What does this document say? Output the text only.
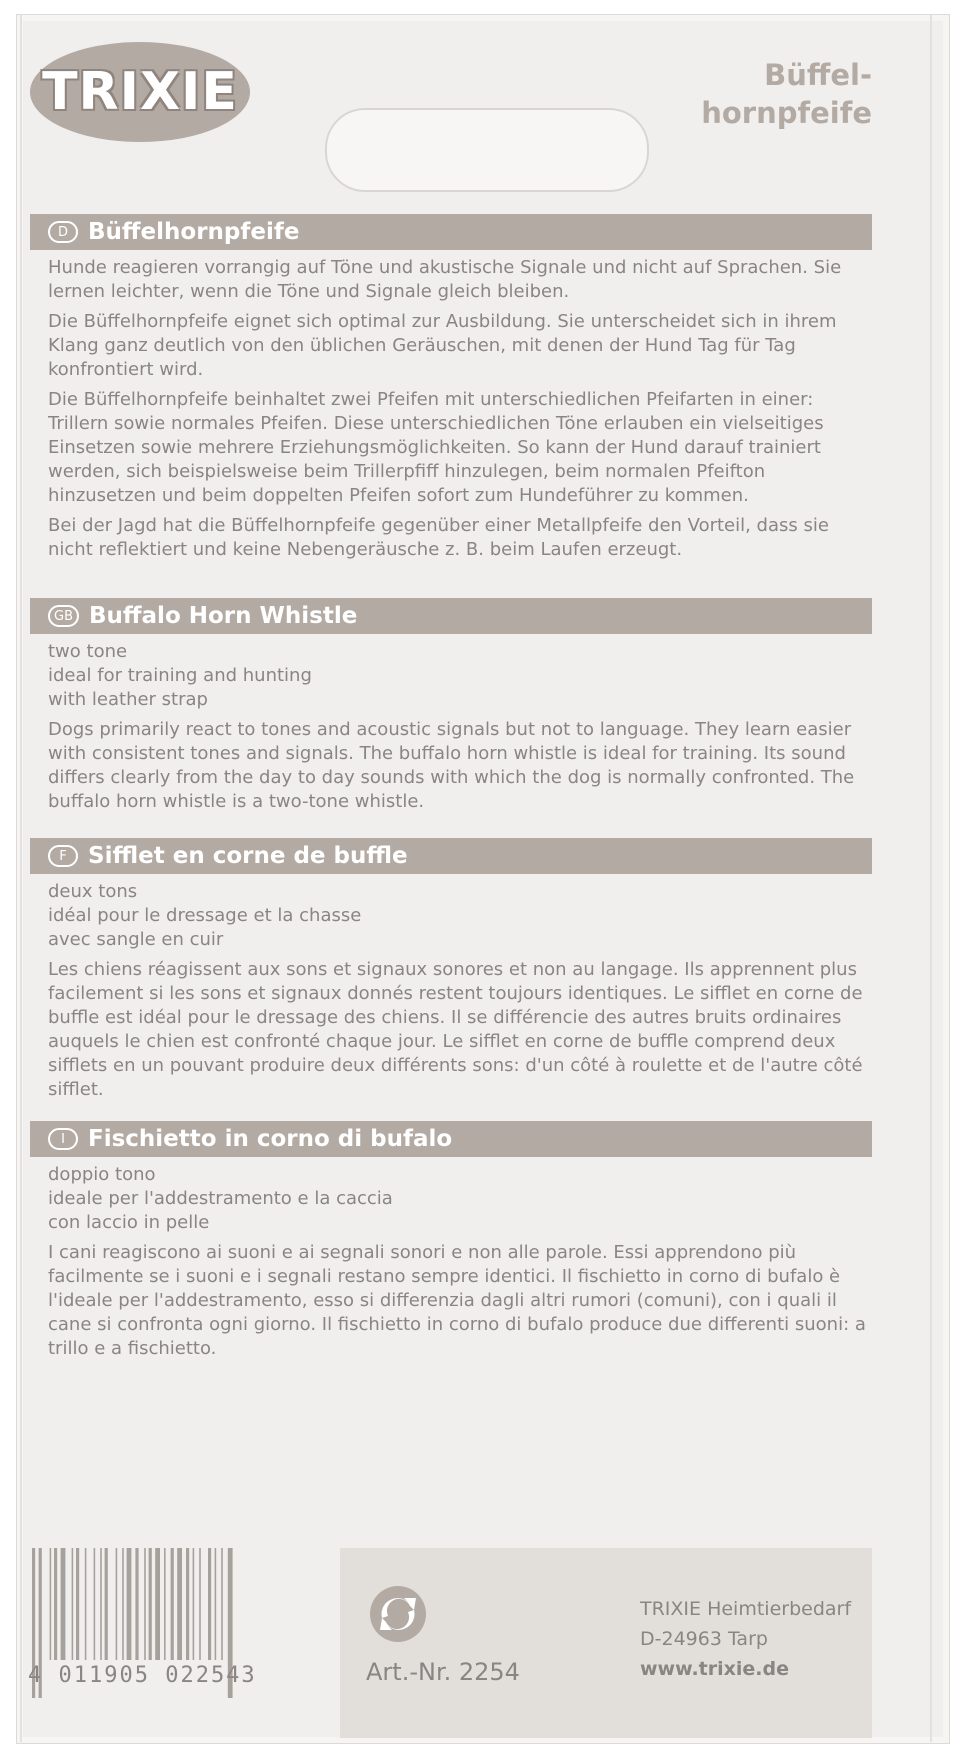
TRIXIE	Büffel-
hornpfeife
D Büffelhornpfeife

Hunde reagieren vorrangig auf Töne und akustische Signale und nicht auf Sprachen. Sie lernen leichter, wenn die Töne und Signale gleich bleiben.

Die Büffelhornpfeife eignet sich optimal zur Ausbildung. Sie unterscheidet sich in ihrem Klang ganz deutlich von den üblichen Geräuschen, mit denen der Hund Tag für Tag konfrontiert wird.

Die Büffelhornpfeife beinhaltet zwei Pfeifen mit unterschiedlichen Pfeifarten in einer: Trillern sowie normales Pfeifen. Diese unterschiedlichen Töne erlauben ein vielseitiges Einsetzen sowie mehrere Erziehungsmöglichkeiten. So kann der Hund darauf trainiert werden, sich beispielsweise beim Trillerpfiff hinzulegen, beim normalen Pfeifton hinzusetzen und beim doppelten Pfeifen sofort zum Hundeführer zu kommen.

Bei der Jagd hat die Büffelhornpfeife gegenüber einer Metallpfeife den Vorteil, dass sie nicht reflektiert und keine Nebengeräusche z. B. beim Laufen erzeugt.

GB Buffalo Horn Whistle
two tone
ideal for training and hunting
with leather strap

Dogs primarily react to tones and acoustic signals but not to language. They learn easier with consistent tones and signals. The buffalo horn whistle is ideal for training. Its sound differs clearly from the day to day sounds with which the dog is normally confronted. The buffalo horn whistle is a two-tone whistle.

F Sifflet en corne de buffle
deux tons
idéal pour le dressage et la chasse
avec sangle en cuir

Les chiens réagissent aux sons et signaux sonores et non au langage. Ils apprennent plus facilement si les sons et signaux donnés restent toujours identiques. Le sifflet en corne de buffle est idéal pour le dressage des chiens. Il se différencie des autres bruits ordinaires auquels le chien est confronté chaque jour. Le sifflet en corne de buffle comprend deux sifflets en un pouvant produire deux différents sons: d'un côté à roulette et de l'autre côté sifflet.

I	Fischietto in corno di bufalo
doppio tono
ideale per l'addestramento e la caccia
con laccio in pelle

I cani reagiscono ai suoni e ai segnali sonori e non alle parole. Essi apprendono più facilmente se i suoni e i segnali restano sempre identici. Il fischietto in corno di bufalo è l'ideale per l'addestramento, esso si differenzia dagli altri rumori (comuni), con i quali il cane si confronta ogni giorno. Il fischietto in corno di bufalo produce due differenti suoni: a trillo e a fischietto.

4 011905 022543	Art.-Nr. 2254

TRIXIE Heimtierbedarf
D-24963 Tarp
www.trixie.de
